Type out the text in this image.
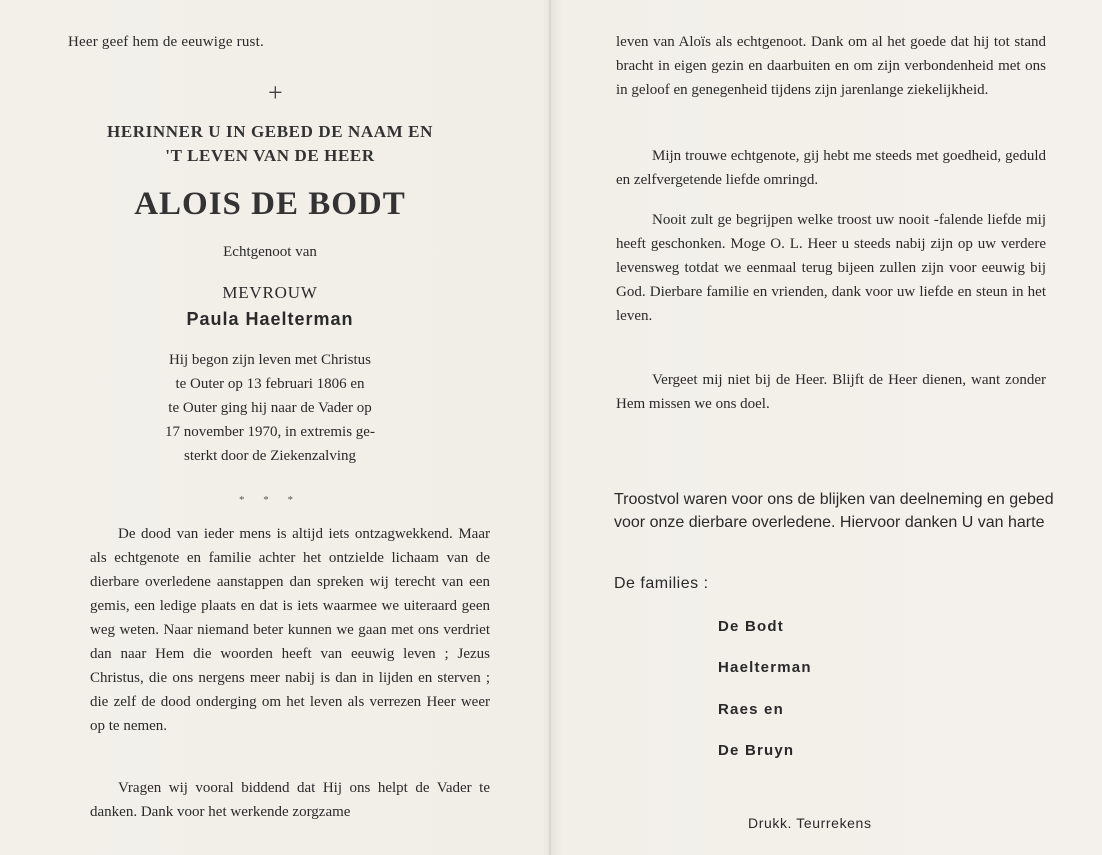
Heer geef hem de eeuwige rust.
+
HERINNER U IN GEBED DE NAAM EN
'T LEVEN VAN DE HEER
ALOIS DE BODT
Echtgenoot van
MEVROUW
Paula Haelterman
Hij begon zijn leven met Christus
te Outer op 13 februari 1806 en
te Outer ging hij naar de Vader op
17 november 1970, in extremis ge-
sterkt door de Ziekenzalving
* * *
De dood van ieder mens is altijd iets ontzagwekkend. Maar als echtgenote en familie achter het ontzielde lichaam van de dierbare overledene aanstappen dan spreken wij terecht van een gemis, een ledige plaats en dat is iets waarmee we uiteraard geen weg weten. Naar niemand beter kunnen we gaan met ons verdriet dan naar Hem die woorden heeft van eeuwig leven ; Jezus Christus, die ons nergens meer nabij is dan in lijden en sterven ; die zelf de dood onderging om het leven als verrezen Heer weer op te nemen.
Vragen wij vooral biddend dat Hij ons helpt de Vader te danken. Dank voor het werkende zorgzame
leven van Aloïs als echtgenoot. Dank om al het goede dat hij tot stand bracht in eigen gezin en daarbuiten en om zijn verbondenheid met ons in geloof en genegenheid tijdens zijn jarenlange ziekelijkheid.
Mijn trouwe echtgenote, gij hebt me steeds met goedheid, geduld en zelfvergetende liefde omringd.
Nooit zult ge begrijpen welke troost uw nooit -falende liefde mij heeft geschonken. Moge O. L. Heer u steeds nabij zijn op uw verdere levensweg totdat we eenmaal terug bijeen zullen zijn voor eeuwig bij God. Dierbare familie en vrienden, dank voor uw liefde en steun in het leven.
Vergeet mij niet bij de Heer. Blijft de Heer dienen, want zonder Hem missen we ons doel.
Troostvol waren voor ons de blijken van deelneming en gebed voor onze dierbare overledene. Hiervoor danken U van harte
De families :
De Bodt
Haelterman
Raes en
De Bruyn
Drukk. Teurrekens
